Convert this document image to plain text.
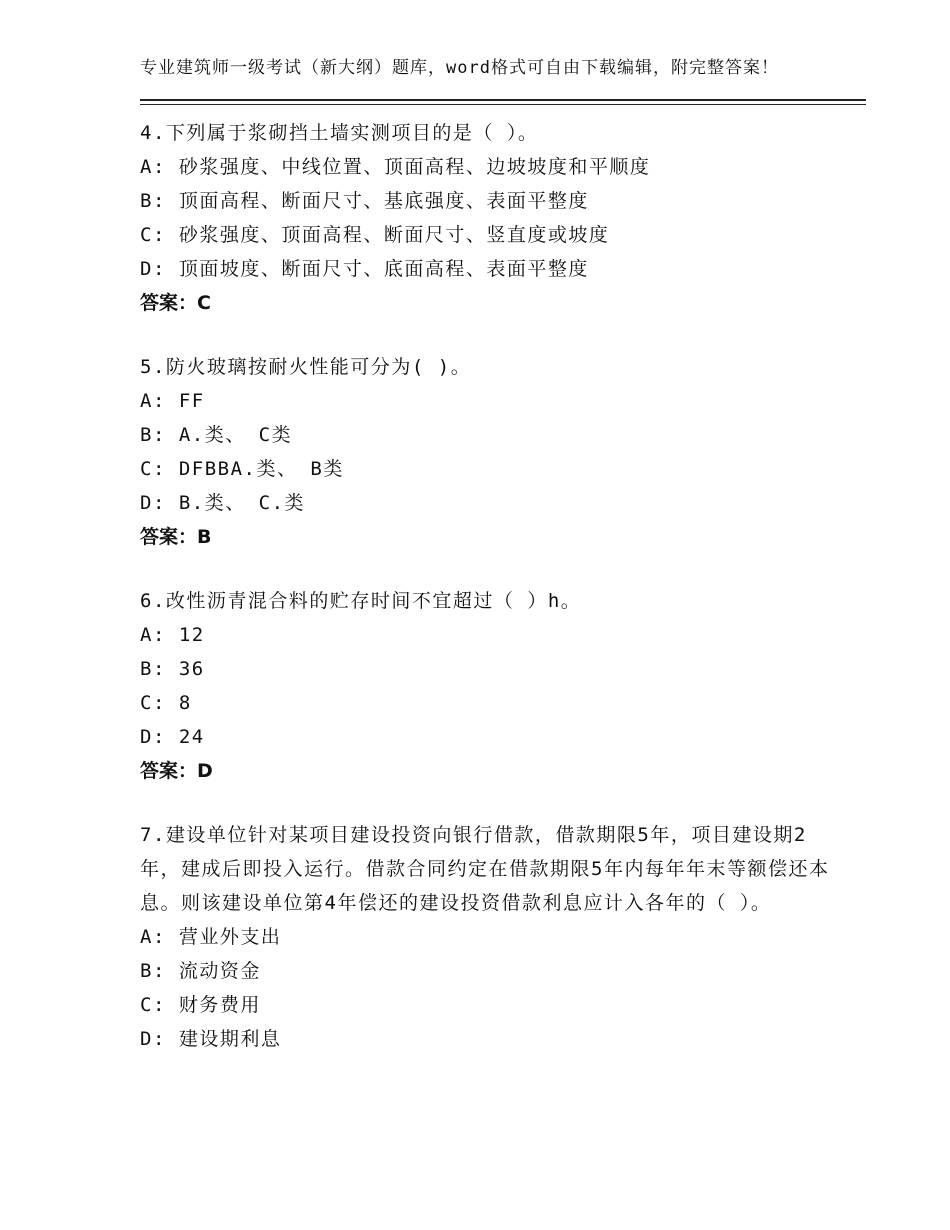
专业建筑师一级考试（新大纲）题库，word格式可自由下载编辑，附完整答案！

4.下列属于浆砌挡土墙实测项目的是（ ）。

A: 砂浆强度、中线位置、顶面高程、边坡坡度和平顺度

B: 顶面高程、断面尺寸、基底强度、表面平整度

C: 砂浆强度、顶面高程、断面尺寸、竖直度或坡度

D: 顶面坡度、断面尺寸、底面高程、表面平整度

答案：C

5.防火玻璃按耐火性能可分为( )。

A: FF

B: A.类、 C类

C: DFBBA.类、 B类

D: B.类、 C.类

答案：B

6.改性沥青混合料的贮存时间不宜超过（ ）h。

A: 12

B: 36

C: 8

D: 24

答案：D

7.建设单位针对某项目建设投资向银行借款，借款期限5年，项目建设期2年，建成后即投入运行。借款合同约定在借款期限5年内每年年末等额偿还本息。则该建设单位第4年偿还的建设投资借款利息应计入各年的（ ）。

A: 营业外支出

B: 流动资金

C: 财务费用

D: 建设期利息
